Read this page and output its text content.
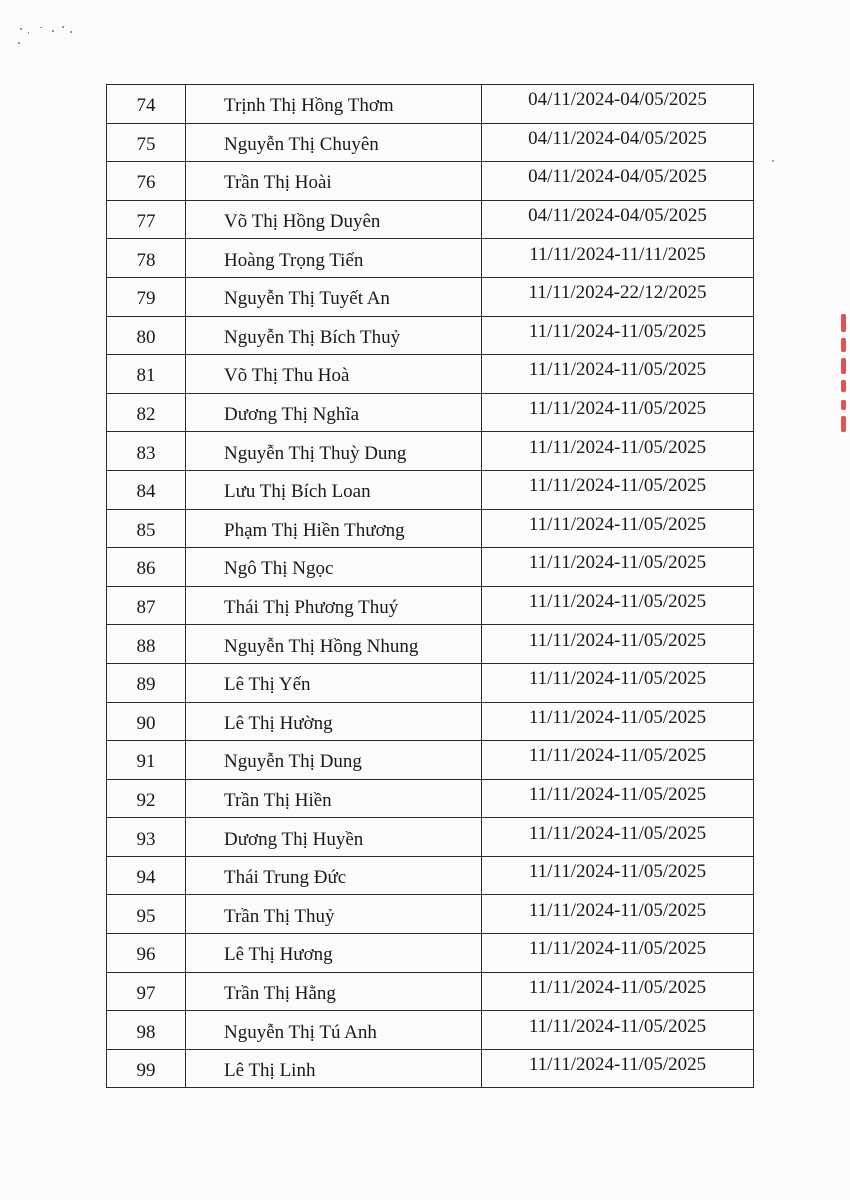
74	Trịnh Thị Hồng Thơm	04/11/2024-04/05/2025
75	Nguyễn Thị Chuyên	04/11/2024-04/05/2025
76	Trần Thị Hoài	04/11/2024-04/05/2025
77	Võ Thị Hồng Duyên	04/11/2024-04/05/2025
78	Hoàng Trọng Tiến	11/11/2024-11/11/2025
79	Nguyễn Thị Tuyết An	11/11/2024-22/12/2025
80	Nguyễn Thị Bích Thuỷ	11/11/2024-11/05/2025
81	Võ Thị Thu Hoà	11/11/2024-11/05/2025
82	Dương Thị Nghĩa	11/11/2024-11/05/2025
83	Nguyễn Thị Thuỳ Dung	11/11/2024-11/05/2025
84	Lưu Thị Bích Loan	11/11/2024-11/05/2025
85	Phạm Thị Hiền Thương	11/11/2024-11/05/2025
86	Ngô Thị Ngọc	11/11/2024-11/05/2025
87	Thái Thị Phương Thuý	11/11/2024-11/05/2025
88	Nguyễn Thị Hồng Nhung	11/11/2024-11/05/2025
89	Lê Thị Yến	11/11/2024-11/05/2025
90	Lê Thị Hường	11/11/2024-11/05/2025
91	Nguyễn Thị Dung	11/11/2024-11/05/2025
92	Trần Thị Hiền	11/11/2024-11/05/2025
93	Dương Thị Huyền	11/11/2024-11/05/2025
94	Thái Trung Đức	11/11/2024-11/05/2025
95	Trần Thị Thuỷ	11/11/2024-11/05/2025
96	Lê Thị Hương	11/11/2024-11/05/2025
97	Trần Thị Hằng	11/11/2024-11/05/2025
98	Nguyễn Thị Tú Anh	11/11/2024-11/05/2025
99	Lê Thị Linh	11/11/2024-11/05/2025
